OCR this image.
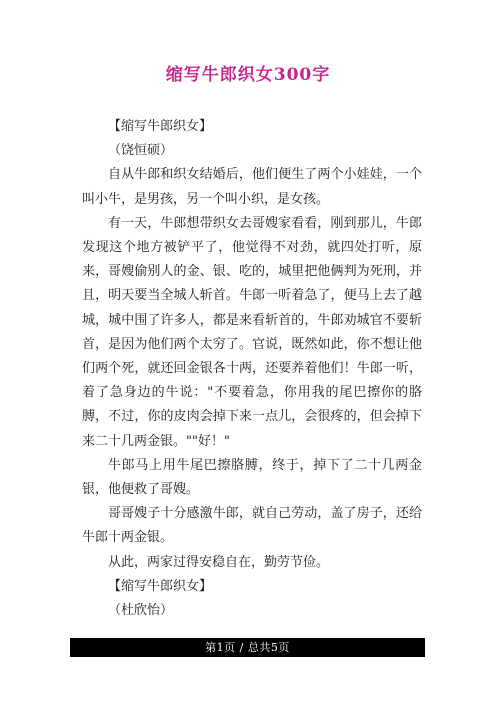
缩写牛郎织女300字

【缩写牛郎织女】

（饶恒硕）

自从牛郎和织女结婚后，他们便生了两个小娃娃，一个叫小牛，是男孩，另一个叫小织，是女孩。

有一天，牛郎想带织女去哥嫂家看看，刚到那儿，牛郎发现这个地方被铲平了，他觉得不对劲，就四处打听，原来，哥嫂偷别人的金、银、吃的，城里把他俩判为死刑，并且，明天要当全城人斩首。牛郎一听着急了，便马上去了越城，城中围了许多人，都是来看斩首的，牛郎劝城官不要斩首，是因为他们两个太穷了。官说，既然如此，你不想让他们两个死，就还回金银各十两，还要养着他们！牛郎一听，着了急身边的牛说："不要着急，你用我的尾巴擦你的胳膊，不过，你的皮肉会掉下来一点儿，会很疼的，但会掉下来二十几两金银。""好！"

牛郎马上用牛尾巴擦胳膊，终于，掉下了二十几两金银，他便救了哥嫂。

哥哥嫂子十分感激牛郎，就自己劳动，盖了房子，还给牛郎十两金银。

从此，两家过得安稳自在，勤劳节俭。

【缩写牛郎织女】

（杜欣怡）

第1页 / 总共5页
